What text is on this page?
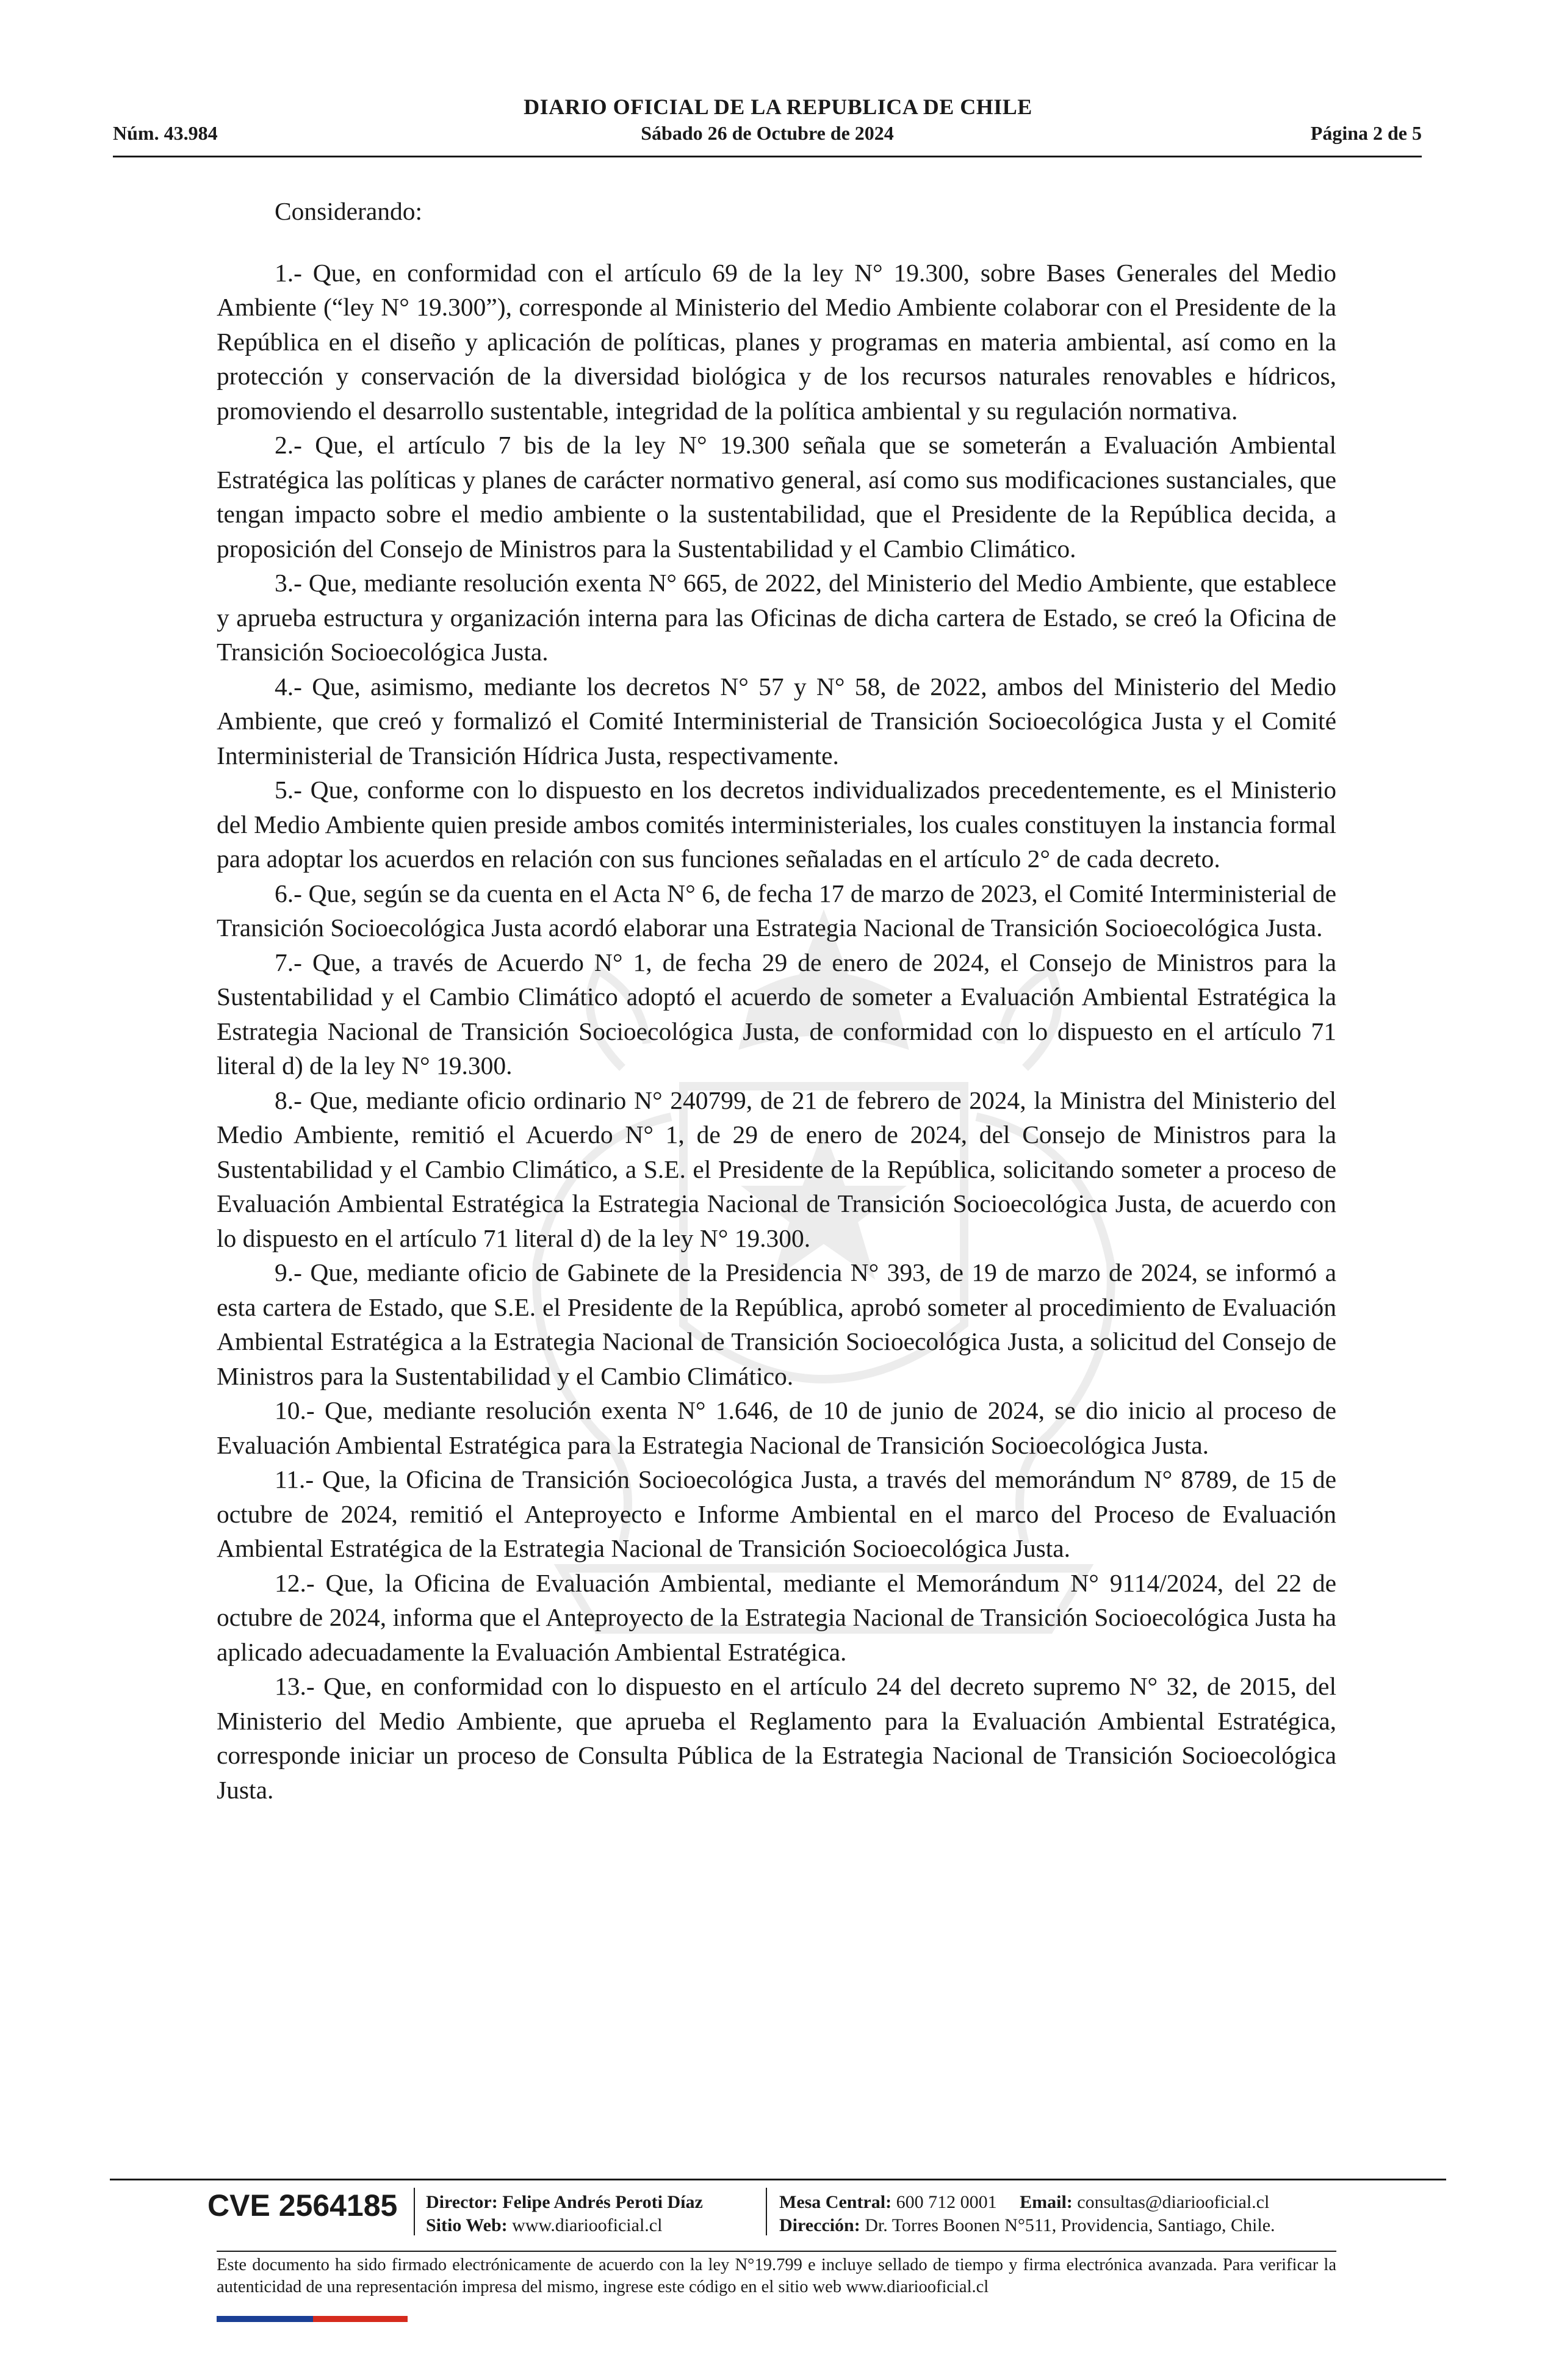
DIARIO OFICIAL DE LA REPUBLICA DE CHILE
Sábado 26 de Octubre de 2024
Núm. 43.984	Página 2 de 5
Considerando:

1.- Que, en conformidad con el artículo 69 de la ley N° 19.300, sobre Bases Generales del Medio Ambiente (“ley N° 19.300”), corresponde al Ministerio del Medio Ambiente colaborar con el Presidente de la República en el diseño y aplicación de políticas, planes y programas en materia ambiental, así como en la protección y conservación de la diversidad biológica y de los recursos naturales renovables e hídricos, promoviendo el desarrollo sustentable, integridad de la política ambiental y su regulación normativa.

2.- Que, el artículo 7 bis de la ley N° 19.300 señala que se someterán a Evaluación Ambiental Estratégica las políticas y planes de carácter normativo general, así como sus modificaciones sustanciales, que tengan impacto sobre el medio ambiente o la sustentabilidad, que el Presidente de la República decida, a proposición del Consejo de Ministros para la Sustentabilidad y el Cambio Climático.

3.- Que, mediante resolución exenta N° 665, de 2022, del Ministerio del Medio Ambiente, que establece y aprueba estructura y organización interna para las Oficinas de dicha cartera de Estado, se creó la Oficina de Transición Socioecológica Justa.

4.- Que, asimismo, mediante los decretos N° 57 y N° 58, de 2022, ambos del Ministerio del Medio Ambiente, que creó y formalizó el Comité Interministerial de Transición Socioecológica Justa y el Comité Interministerial de Transición Hídrica Justa, respectivamente.

5.- Que, conforme con lo dispuesto en los decretos individualizados precedentemente, es el Ministerio del Medio Ambiente quien preside ambos comités interministeriales, los cuales constituyen la instancia formal para adoptar los acuerdos en relación con sus funciones señaladas en el artículo 2° de cada decreto.

6.- Que, según se da cuenta en el Acta N° 6, de fecha 17 de marzo de 2023, el Comité Interministerial de Transición Socioecológica Justa acordó elaborar una Estrategia Nacional de Transición Socioecológica Justa.

7.- Que, a través de Acuerdo N° 1, de fecha 29 de enero de 2024, el Consejo de Ministros para la Sustentabilidad y el Cambio Climático adoptó el acuerdo de someter a Evaluación Ambiental Estratégica la Estrategia Nacional de Transición Socioecológica Justa, de conformidad con lo dispuesto en el artículo 71 literal d) de la ley N° 19.300.

8.- Que, mediante oficio ordinario N° 240799, de 21 de febrero de 2024, la Ministra del Ministerio del Medio Ambiente, remitió el Acuerdo N° 1, de 29 de enero de 2024, del Consejo de Ministros para la Sustentabilidad y el Cambio Climático, a S.E. el Presidente de la República, solicitando someter a proceso de Evaluación Ambiental Estratégica la Estrategia Nacional de Transición Socioecológica Justa, de acuerdo con lo dispuesto en el artículo 71 literal d) de la ley N° 19.300.

9.- Que, mediante oficio de Gabinete de la Presidencia N° 393, de 19 de marzo de 2024, se informó a esta cartera de Estado, que S.E. el Presidente de la República, aprobó someter al procedimiento de Evaluación Ambiental Estratégica a la Estrategia Nacional de Transición Socioecológica Justa, a solicitud del Consejo de Ministros para la Sustentabilidad y el Cambio Climático.

10.- Que, mediante resolución exenta N° 1.646, de 10 de junio de 2024, se dio inicio al proceso de Evaluación Ambiental Estratégica para la Estrategia Nacional de Transición Socioecológica Justa.

11.- Que, la Oficina de Transición Socioecológica Justa, a través del memorándum N° 8789, de 15 de octubre de 2024, remitió el Anteproyecto e Informe Ambiental en el marco del Proceso de Evaluación Ambiental Estratégica de la Estrategia Nacional de Transición Socioecológica Justa.

12.- Que, la Oficina de Evaluación Ambiental, mediante el Memorándum N° 9114/2024, del 22 de octubre de 2024, informa que el Anteproyecto de la Estrategia Nacional de Transición Socioecológica Justa ha aplicado adecuadamente la Evaluación Ambiental Estratégica.

13.- Que, en conformidad con lo dispuesto en el artículo 24 del decreto supremo N° 32, de 2015, del Ministerio del Medio Ambiente, que aprueba el Reglamento para la Evaluación Ambiental Estratégica, corresponde iniciar un proceso de Consulta Pública de la Estrategia Nacional de Transición Socioecológica Justa.

CVE 2564185 Director: Felipe Andrés Peroti Díaz
Sitio Web: www.diariooficial.cl
Mesa Central: 600 712 0001 Email: consultas@diariooficial.cl
Dirección: Dr. Torres Boonen N°511, Providencia, Santiago, Chile.
Este documento ha sido firmado electrónicamente de acuerdo con la ley N°19.799 e incluye sellado de tiempo y firma electrónica avanzada. Para verificar la autenticidad de una representación impresa del mismo, ingrese este código en el sitio web www.diariooficial.cl
